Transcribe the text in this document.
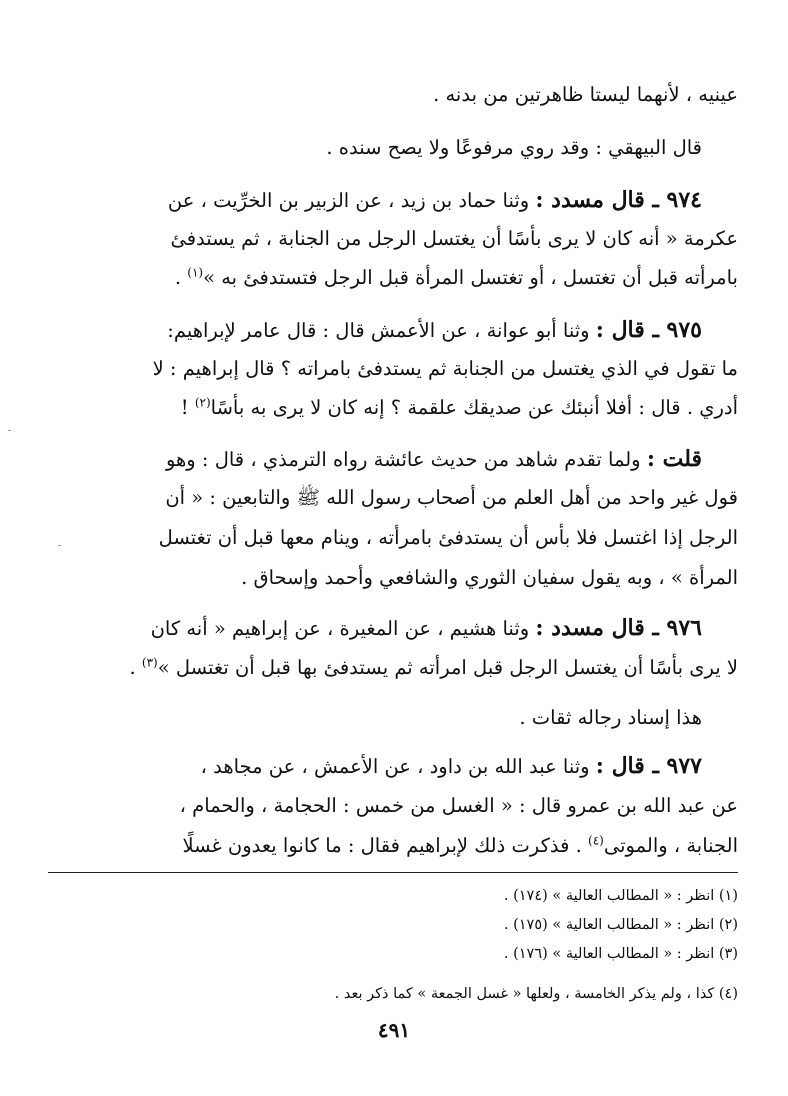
عينيه ، لأنهما ليستا ظاهرتين من بدنه .
قال البيهقي : وقد روي مرفوعًا ولا يصح سنده .
٩٧٤ ـ قال مسدد : وثنا حماد بن زيد ، عن الزبير بن الخرِّيت ، عن
عكرمة « أنه كان لا يرى بأسًا أن يغتسل الرجل من الجنابة ، ثم يستدفئ
بامرأته قبل أن تغتسل ، أو تغتسل المرأة قبل الرجل فتستدفئ به »$^{(١)}$ .
٩٧٥ ـ قال : وثنا أبو عوانة ، عن الأعمش قال : قال عامر لإبراهيم:
ما تقول في الذي يغتسل من الجنابة ثم يستدفئ بامراته ؟ قال إبراهيم : لا
أدري . قال : أفلا أنبئك عن صديقك علقمة ؟ إنه كان لا يرى به بأسًا$^{(٢)}$ !
قلت : ولما تقدم شاهد من حديث عائشة رواه الترمذي ، قال : وهو
قول غير واحد من أهل العلم من أصحاب رسول الله ﷺ والتابعين : « أن
الرجل إذا اغتسل فلا بأس أن يستدفئ بامرأته ، وينام معها قبل أن تغتسل
المرأة » ، وبه يقول سفيان الثوري والشافعي وأحمد وإسحاق .
٩٧٦ ـ قال مسدد : وثنا هشيم ، عن المغيرة ، عن إبراهيم « أنه كان
لا يرى بأسًا أن يغتسل الرجل قبل امرأته ثم يستدفئ بها قبل أن تغتسل »$^{(٣)}$ .
هذا إسناد رجاله ثقات .
٩٧٧ ـ قال : وثنا عبد الله بن داود ، عن الأعمش ، عن مجاهد ،
عن عبد الله بن عمرو قال : « الغسل من خمس : الحجامة ، والحمام ،
الجنابة ، والموتى$^{(٤)}$ . فذكرت ذلك لإبراهيم فقال : ما كانوا يعدون غسلًا
(١) انظر : « المطالب العالية » (١٧٤) .
(٢) انظر : « المطالب العالية » (١٧٥) .
(٣) انظر : « المطالب العالية » (١٧٦) .
(٤) كذا ، ولم يذكر الخامسة ، ولعلها « غسل الجمعة » كما ذكر بعد .
٤٩١
